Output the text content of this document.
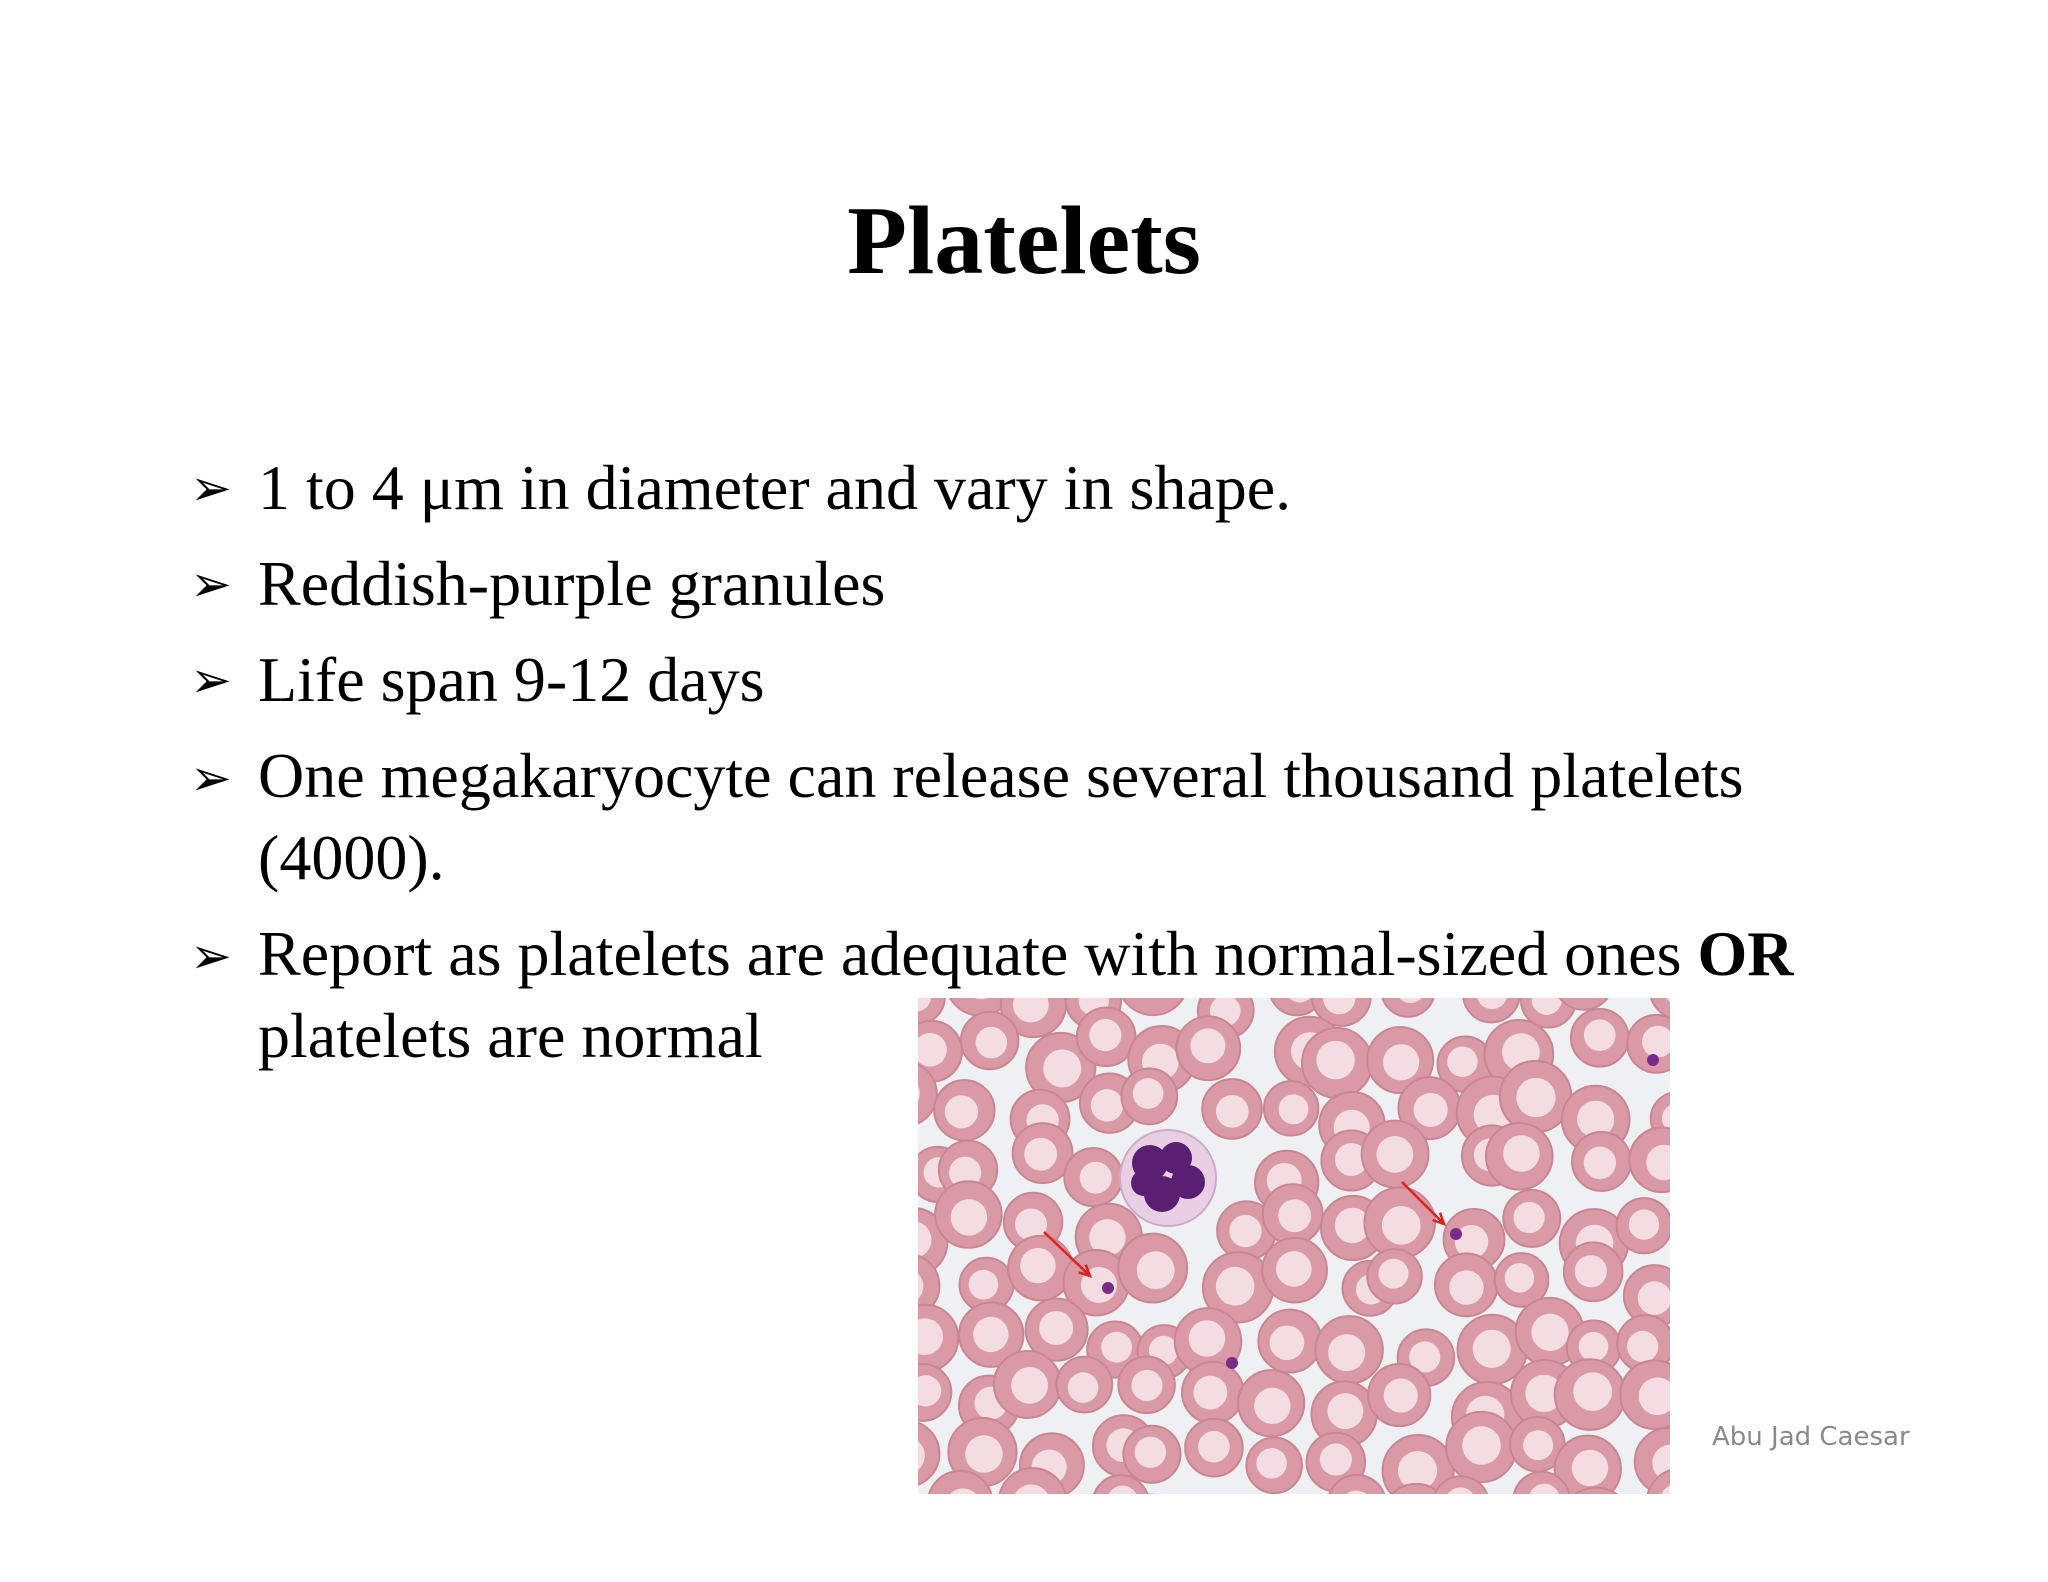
Platelets
➢ 1 to 4 μm in diameter and vary in shape.
➢ Reddish-purple granules
➢ Life span 9-12 days
➢ One megakaryocyte can release several thousand platelets (4000).
➢ Report as platelets are adequate with normal-sized ones OR platelets are normal
Abu Jad Caesar
